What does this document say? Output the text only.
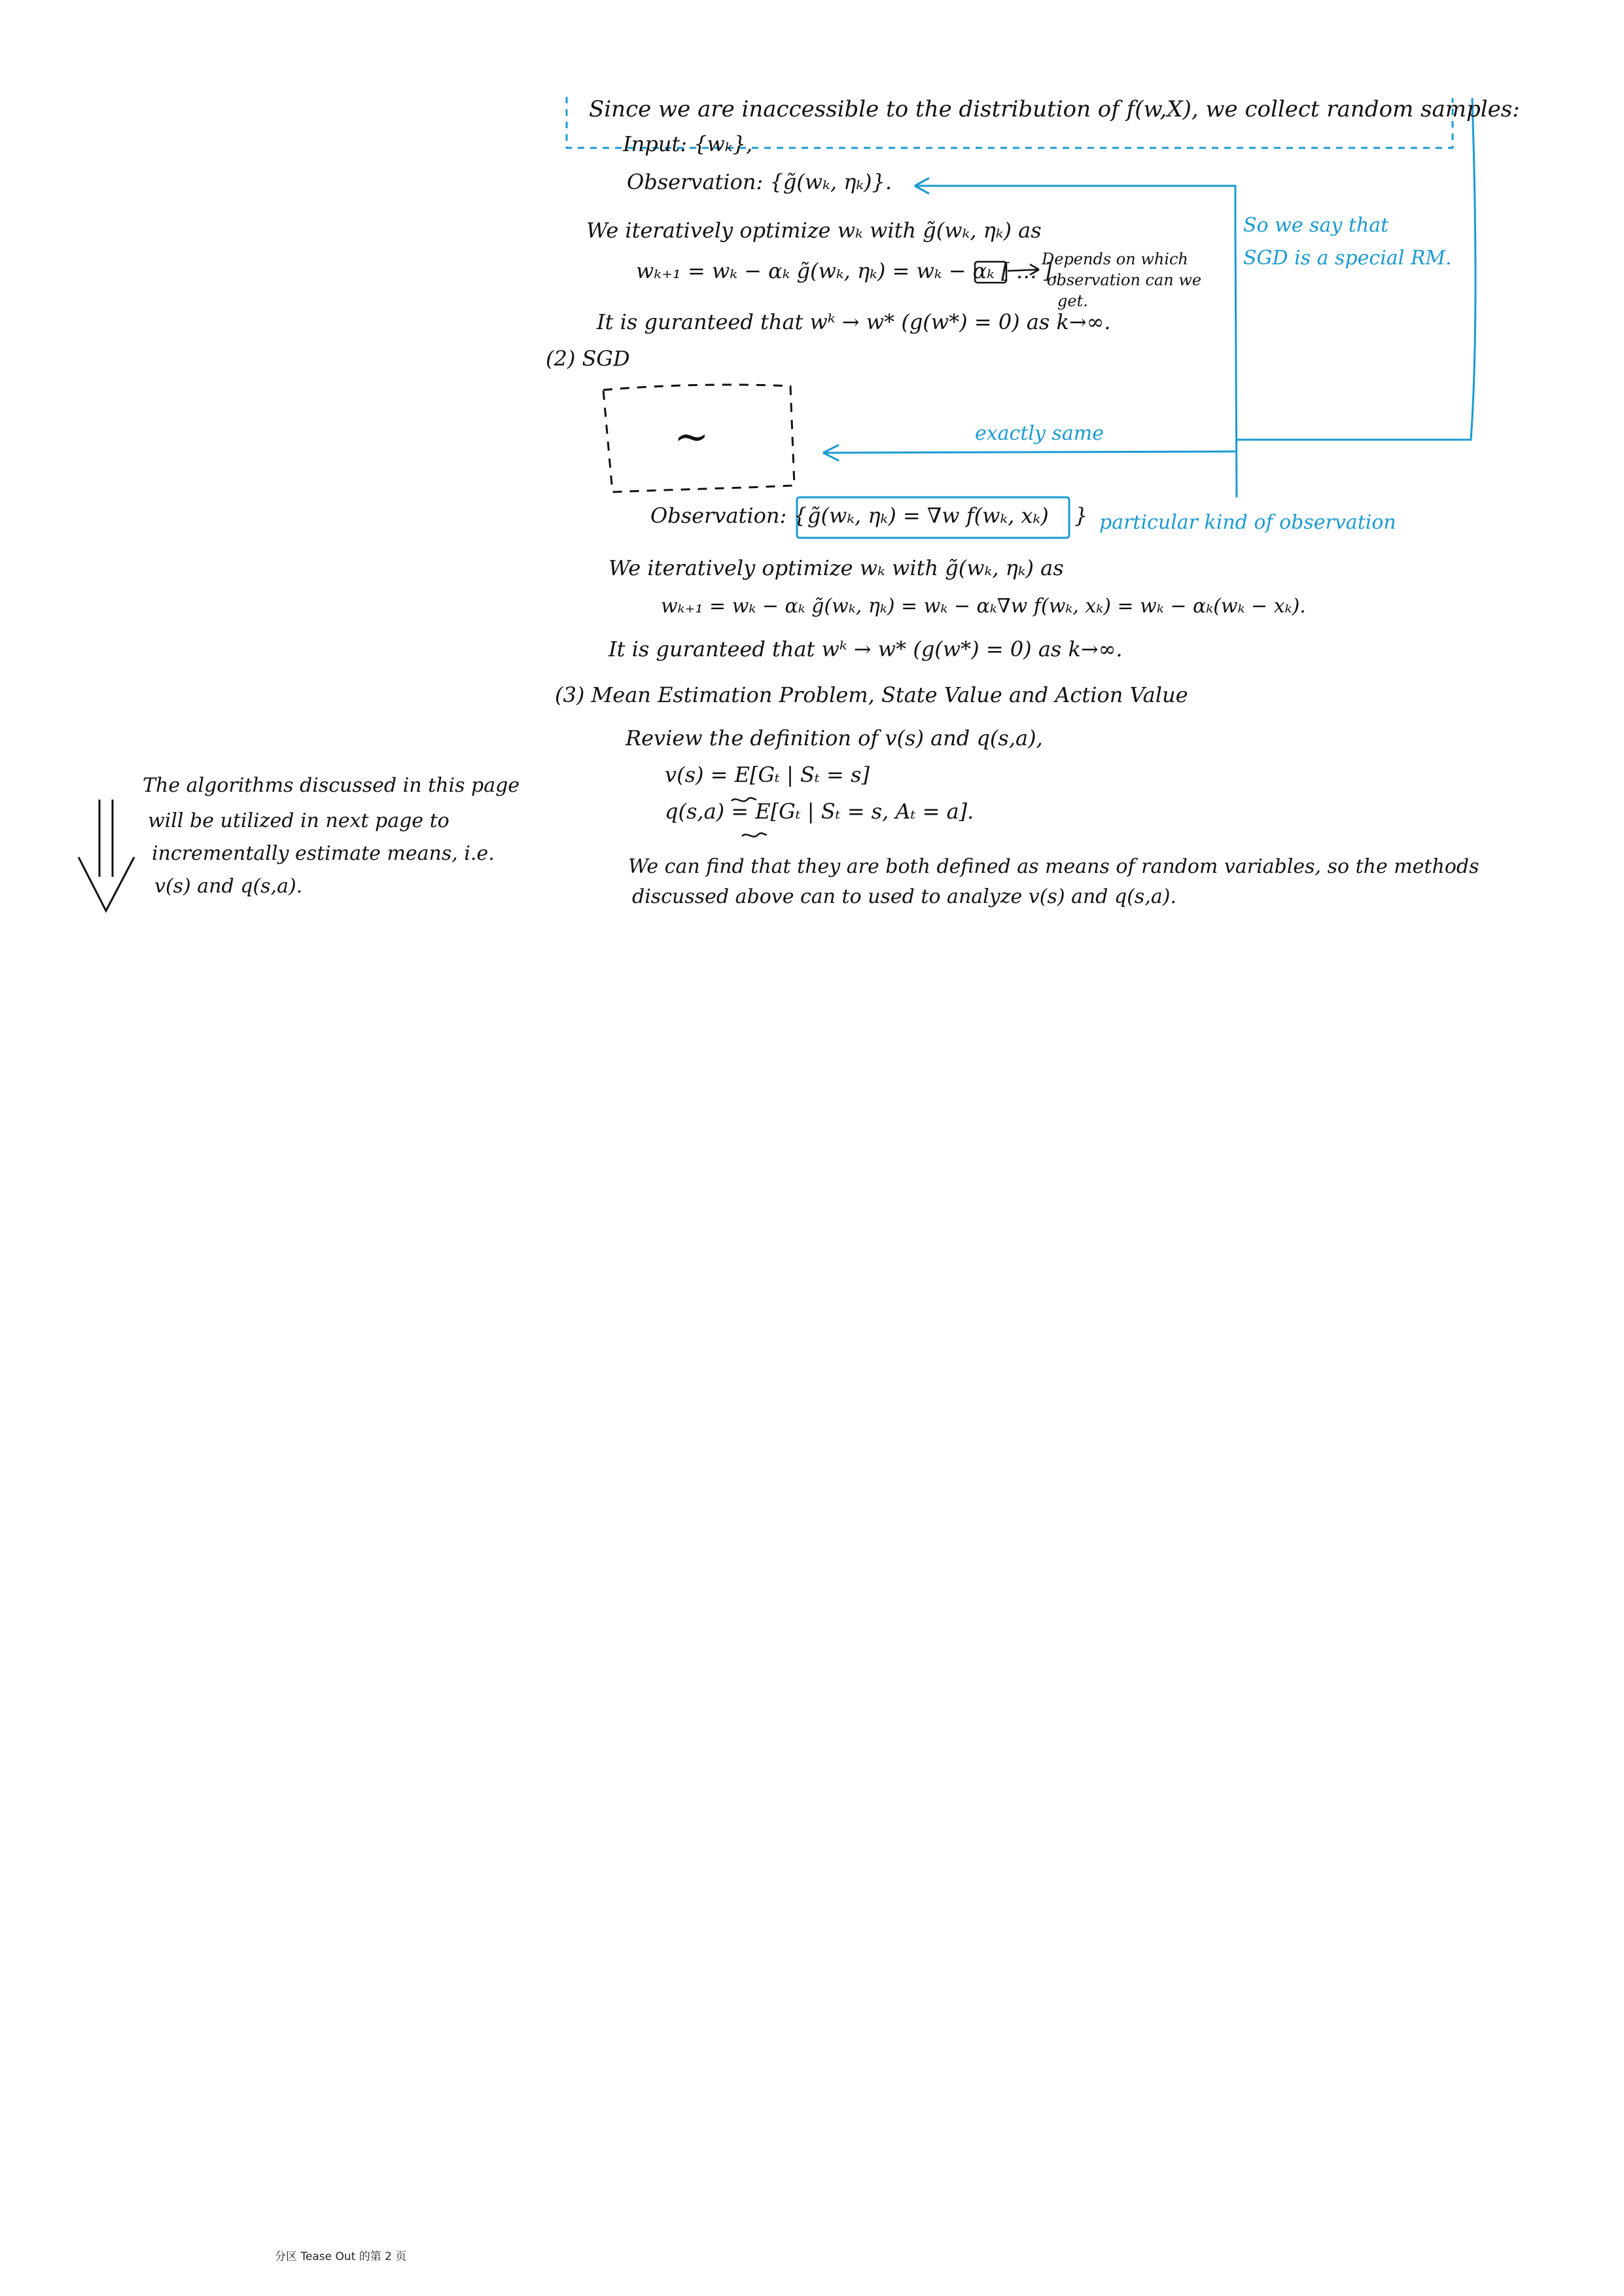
Since we are inaccessible to the distribution of f(w,X), we collect random samples:
Input: {wₖ},
Observation: {g̃(wₖ, ηₖ)}.
We iteratively optimize wₖ with g̃(wₖ, ηₖ) as
wₖ₊₁ = wₖ − αₖ g̃(wₖ, ηₖ) = wₖ − αₖ [ … ].
Depends on which
observation can we
get.
It is guranteed that wᵏ → w* (g(w*) = 0) as k→∞.
(2) SGD
∼
Observation: { g̃(wₖ, ηₖ) = ∇w f(wₖ, xₖ) }
We iteratively optimize wₖ with g̃(wₖ, ηₖ) as
wₖ₊₁ = wₖ − αₖ g̃(wₖ, ηₖ) = wₖ − αₖ∇w f(wₖ, xₖ) = wₖ − αₖ(wₖ − xₖ).
It is guranteed that wᵏ → w* (g(w*) = 0) as k→∞.
(3) Mean Estimation Problem, State Value and Action Value
Review the definition of v(s) and q(s,a),
v(s) = E[Gₜ | Sₜ = s]
q(s,a) = E[Gₜ | Sₜ = s, Aₜ = a].
We can find that they are both defined as means of random variables, so the methods
discussed above can to used to analyze v(s) and q(s,a).
So we say that
SGD is a special RM.
exactly same
particular kind of observation
The algorithms discussed in this page
will be utilized in next page to
incrementally estimate means, i.e.
v(s) and q(s,a).
分区 Tease Out 的第 2 页
